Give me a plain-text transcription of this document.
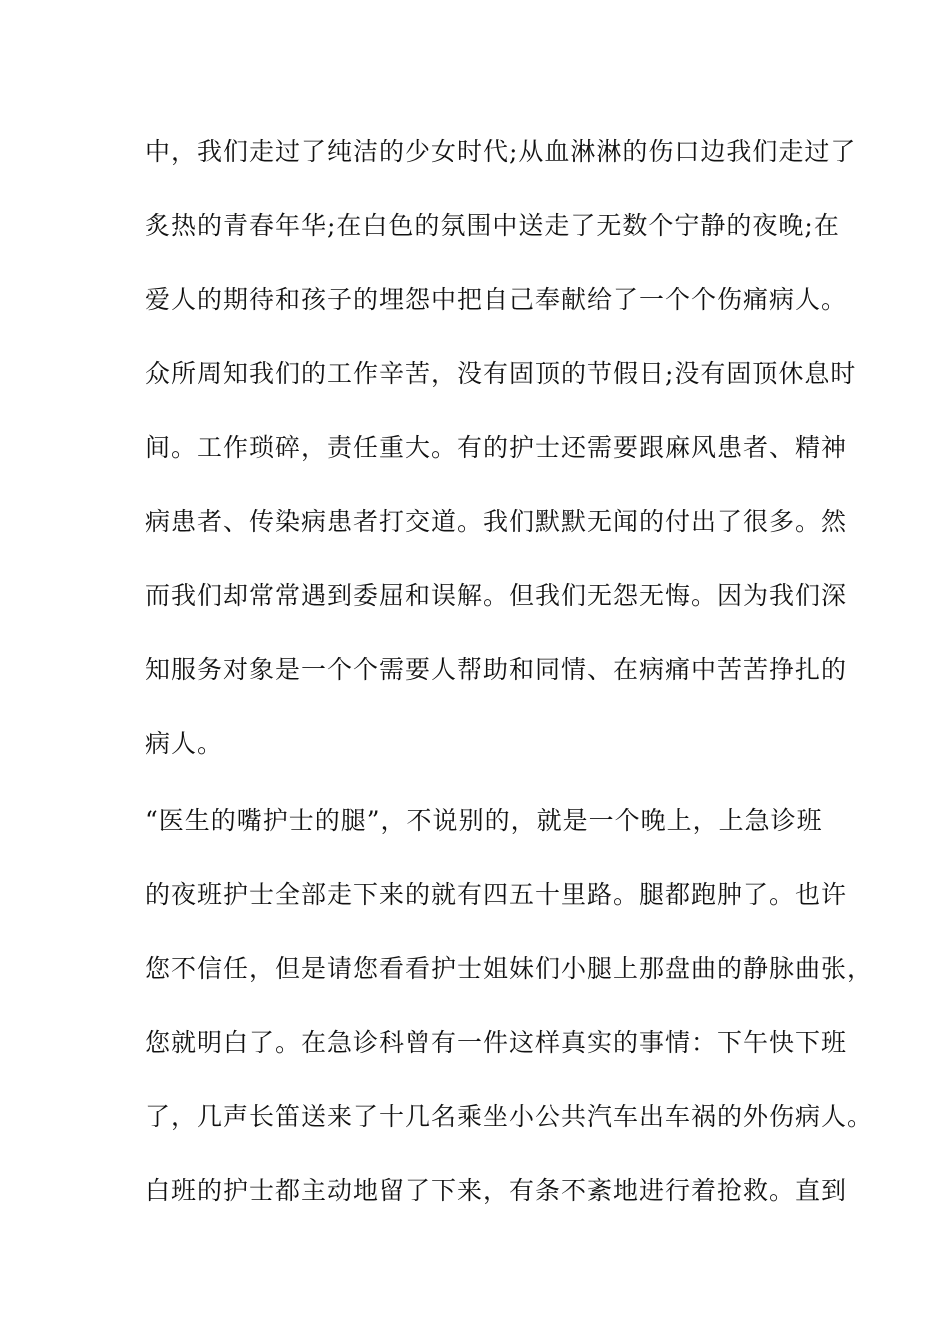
中，我们走过了纯洁的少女时代;从血淋淋的伤口边我们走过了
炙热的青春年华;在白色的氛围中送走了无数个宁静的夜晚;在
爱人的期待和孩子的埋怨中把自己奉献给了一个个伤痛病人。
众所周知我们的工作辛苦，没有固顶的节假日;没有固顶休息时
间。工作琐碎，责任重大。有的护士还需要跟麻风患者、精神
病患者、传染病患者打交道。我们默默无闻的付出了很多。然
而我们却常常遇到委屈和误解。但我们无怨无悔。因为我们深
知服务对象是一个个需要人帮助和同情、在病痛中苦苦挣扎的
病人。
“医生的嘴护士的腿”，不说别的，就是一个晚上，上急诊班
的夜班护士全部走下来的就有四五十里路。腿都跑肿了。也许
您不信任，但是请您看看护士姐妹们小腿上那盘曲的静脉曲张，
您就明白了。在急诊科曾有一件这样真实的事情：下午快下班
了，几声长笛送来了十几名乘坐小公共汽车出车祸的外伤病人。
白班的护士都主动地留了下来，有条不紊地进行着抢救。直到
